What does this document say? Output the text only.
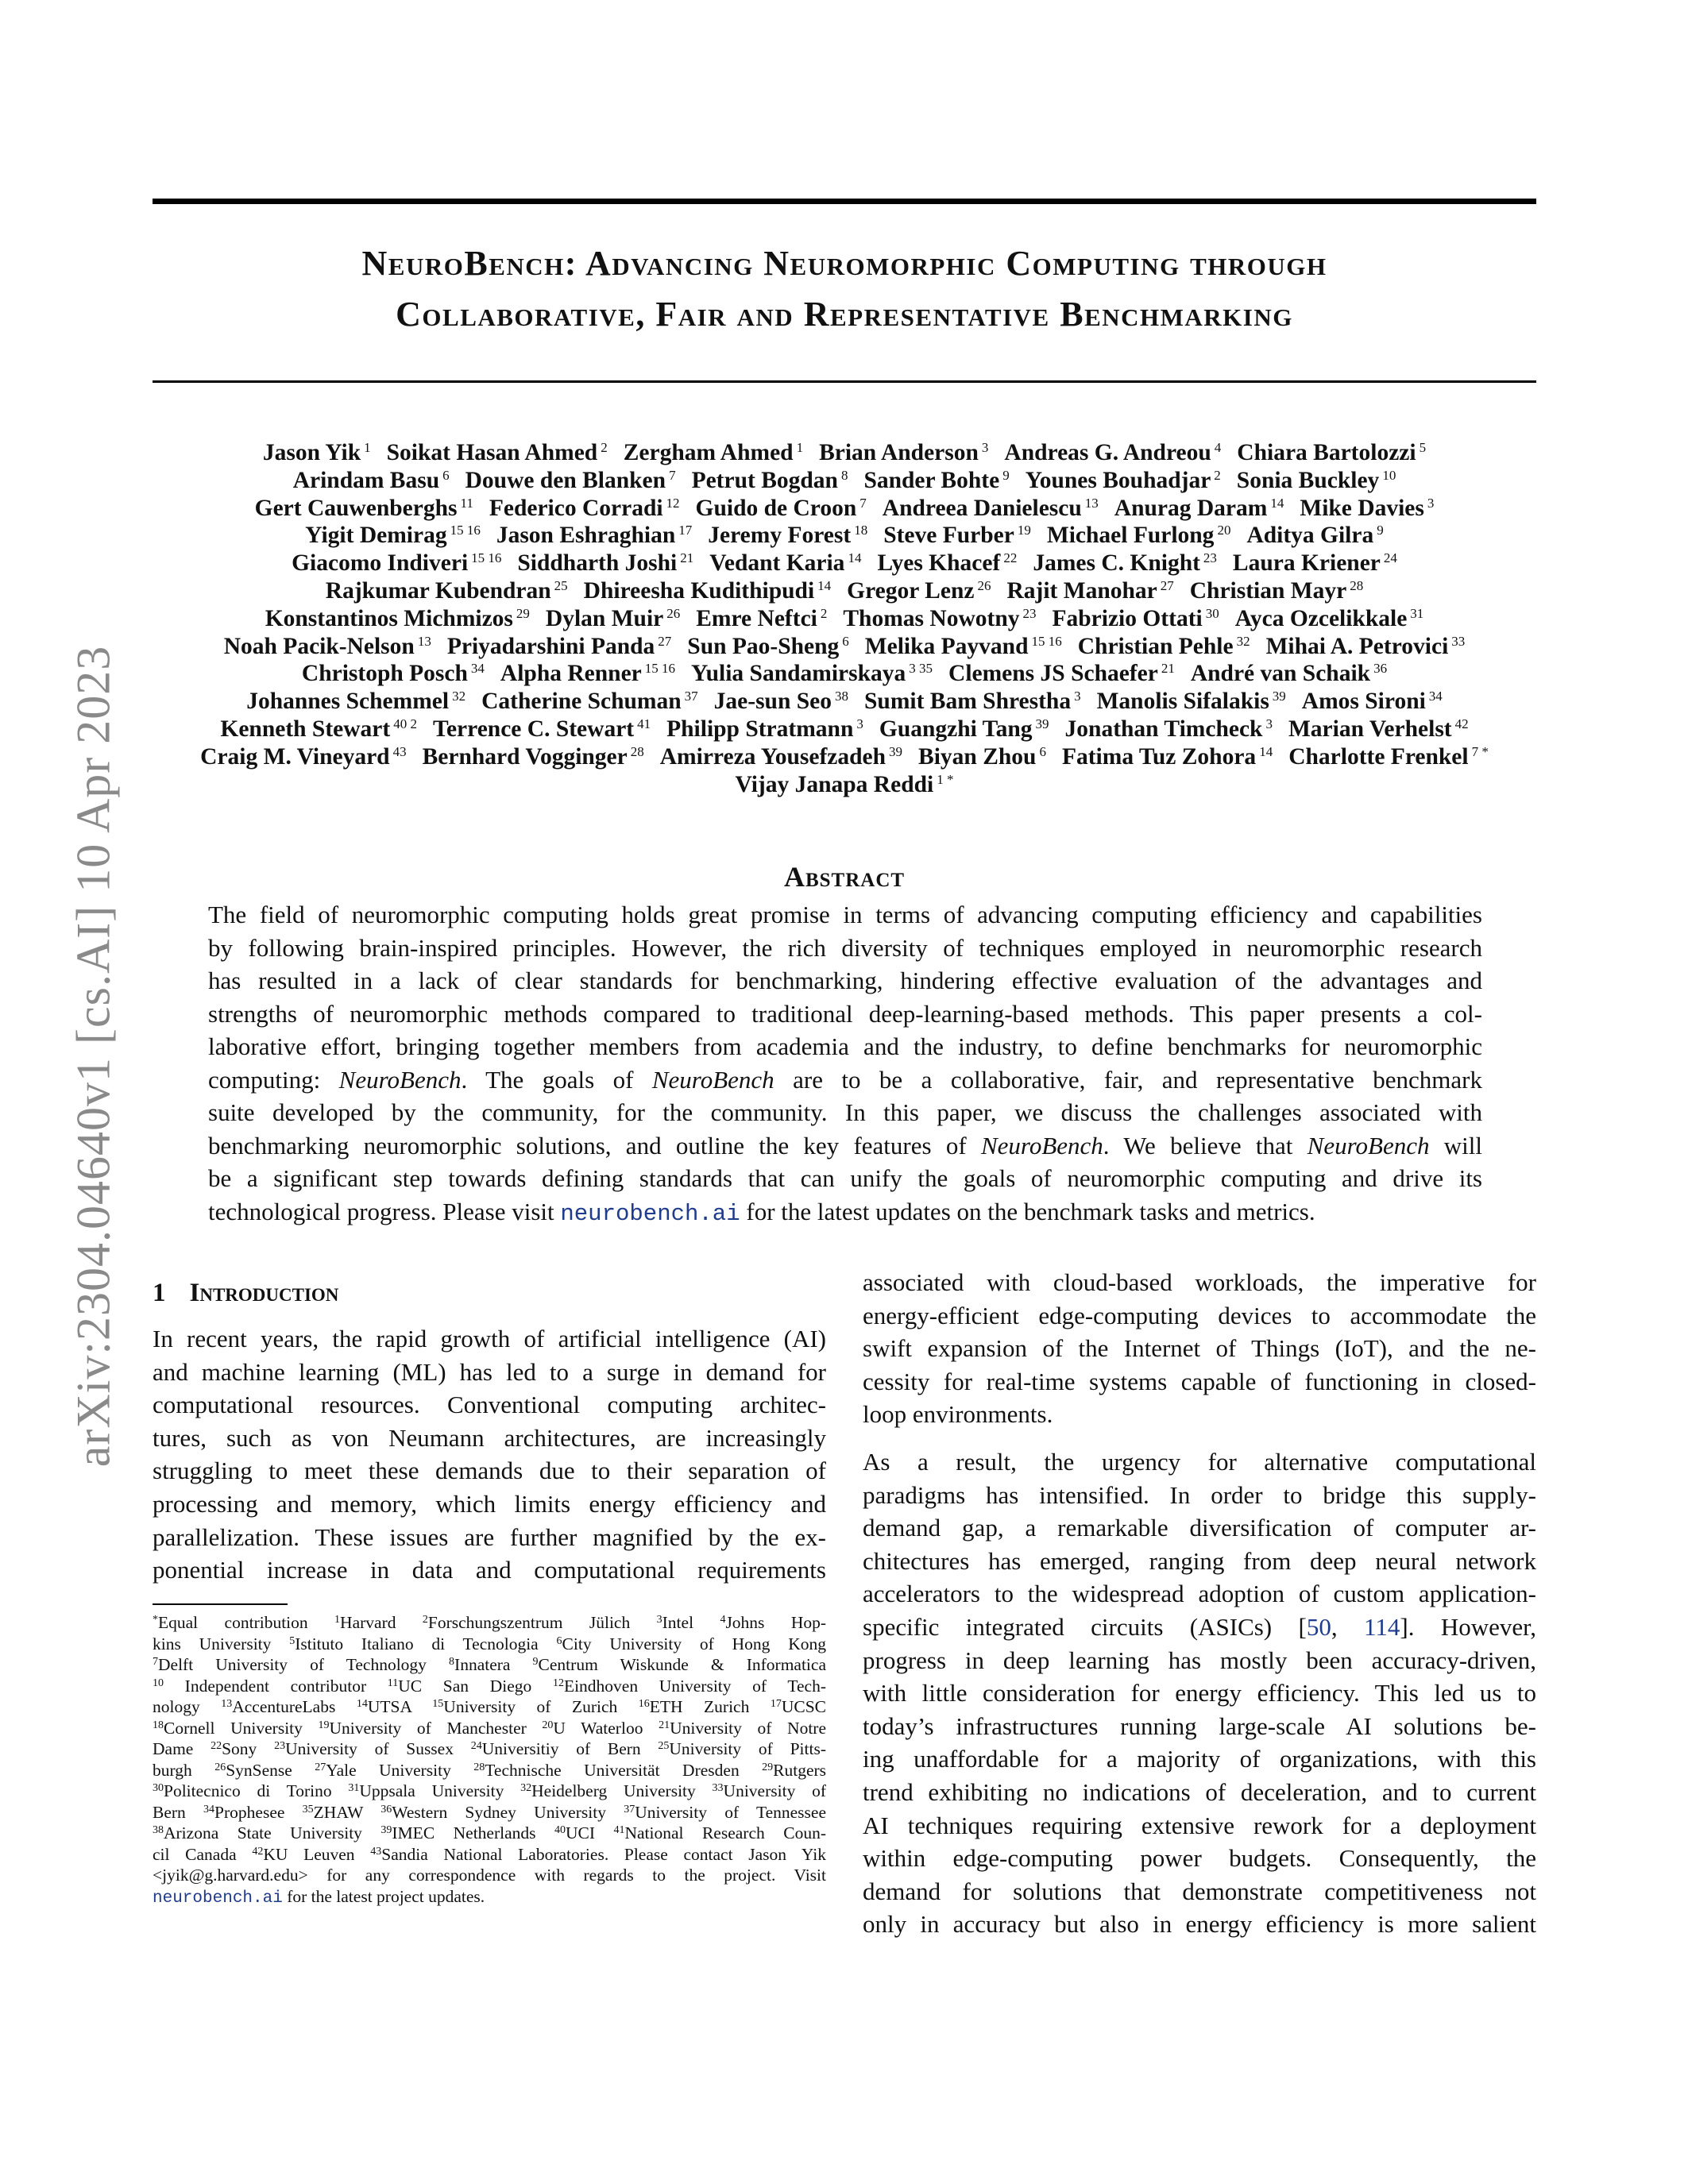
NeuroBench: Advancing Neuromorphic Computing through
Collaborative, Fair and Representative Benchmarking
arXiv:2304.04640v1 [cs.AI] 10 Apr 2023
Jason Yik $^1$ Soikat Hasan Ahmed $^2$ Zergham Ahmed $^1$ Brian Anderson $^3$ Andreas G. Andreou $^4$ Chiara Bartolozzi $^5$
Arindam Basu $^6$ Douwe den Blanken $^7$ Petrut Bogdan $^8$ Sander Bohte $^9$ Younes Bouhadjar $^2$ Sonia Buckley $^{10}$
Gert Cauwenberghs $^{11}$ Federico Corradi $^{12}$ Guido de Croon $^7$ Andreea Danielescu $^{13}$ Anurag Daram $^{14}$ Mike Davies $^3$
Yigit Demirag $^{15 16}$ Jason Eshraghian $^{17}$ Jeremy Forest $^{18}$ Steve Furber $^{19}$ Michael Furlong $^{20}$ Aditya Gilra $^9$
Giacomo Indiveri $^{15 16}$ Siddharth Joshi $^{21}$ Vedant Karia $^{14}$ Lyes Khacef $^{22}$ James C. Knight $^{23}$ Laura Kriener $^{24}$
Rajkumar Kubendran $^{25}$ Dhireesha Kudithipudi $^{14}$ Gregor Lenz $^{26}$ Rajit Manohar $^{27}$ Christian Mayr $^{28}$
Konstantinos Michmizos $^{29}$ Dylan Muir $^{26}$ Emre Neftci $^2$ Thomas Nowotny $^{23}$ Fabrizio Ottati $^{30}$ Ayca Ozcelikkale $^{31}$
Noah Pacik-Nelson $^{13}$ Priyadarshini Panda $^{27}$ Sun Pao-Sheng $^6$ Melika Payvand $^{15 16}$ Christian Pehle $^{32}$ Mihai A. Petrovici $^{33}$
Christoph Posch $^{34}$ Alpha Renner $^{15 16}$ Yulia Sandamirskaya $^{3 35}$ Clemens JS Schaefer $^{21}$ André van Schaik $^{36}$
Johannes Schemmel $^{32}$ Catherine Schuman $^{37}$ Jae-sun Seo $^{38}$ Sumit Bam Shrestha $^3$ Manolis Sifalakis $^{39}$ Amos Sironi $^{34}$
Kenneth Stewart $^{40 2}$ Terrence C. Stewart $^{41}$ Philipp Stratmann $^3$ Guangzhi Tang $^{39}$ Jonathan Timcheck $^3$ Marian Verhelst $^{42}$
Craig M. Vineyard $^{43}$ Bernhard Vogginger $^{28}$ Amirreza Yousefzadeh $^{39}$ Biyan Zhou $^6$ Fatima Tuz Zohora $^{14}$ Charlotte Frenkel $^{7 *}$
Vijay Janapa Reddi $^{1 *}$
Abstract
The field of neuromorphic computing holds great promise in terms of advancing computing efficiency and capabilities
by following brain-inspired principles. However, the rich diversity of techniques employed in neuromorphic research
has resulted in a lack of clear standards for benchmarking, hindering effective evaluation of the advantages and
strengths of neuromorphic methods compared to traditional deep-learning-based methods. This paper presents a col-
laborative effort, bringing together members from academia and the industry, to define benchmarks for neuromorphic
computing: NeuroBench. The goals of NeuroBench are to be a collaborative, fair, and representative benchmark
suite developed by the community, for the community. In this paper, we discuss the challenges associated with
benchmarking neuromorphic solutions, and outline the key features of NeuroBench. We believe that NeuroBench will
be a significant step towards defining standards that can unify the goals of neuromorphic computing and drive its
technological progress. Please visit neurobench.ai for the latest updates on the benchmark tasks and metrics.
1 Introduction
In recent years, the rapid growth of artificial intelligence (AI)
and machine learning (ML) has led to a surge in demand for
computational resources. Conventional computing architec-
tures, such as von Neumann architectures, are increasingly
struggling to meet these demands due to their separation of
processing and memory, which limits energy efficiency and
parallelization. These issues are further magnified by the ex-
ponential increase in data and computational requirements
*Equal contribution $^1$Harvard $^2$Forschungszentrum Jülich $^3$Intel $^4$Johns Hop-
kins University $^5$Istituto Italiano di Tecnologia $^6$City University of Hong Kong
$^7$Delft University of Technology $^8$Innatera $^9$Centrum Wiskunde & Informatica
$^{10}$ Independent contributor $^{11}$UC San Diego $^{12}$Eindhoven University of Tech-
nology $^{13}$AccentureLabs $^{14}$UTSA $^{15}$University of Zurich $^{16}$ETH Zurich $^{17}$UCSC
$^{18}$Cornell University $^{19}$University of Manchester $^{20}$U Waterloo $^{21}$University of Notre
Dame $^{22}$Sony $^{23}$University of Sussex $^{24}$Universitiy of Bern $^{25}$University of Pitts-
burgh $^{26}$SynSense $^{27}$Yale University $^{28}$Technische Universität Dresden $^{29}$Rutgers
$^{30}$Politecnico di Torino $^{31}$Uppsala University $^{32}$Heidelberg University $^{33}$University of
Bern $^{34}$Prophesee $^{35}$ZHAW $^{36}$Western Sydney University $^{37}$University of Tennessee
$^{38}$Arizona State University $^{39}$IMEC Netherlands $^{40}$UCI $^{41}$National Research Coun-
cil Canada $^{42}$KU Leuven $^{43}$Sandia National Laboratories. Please contact Jason Yik
<jyik@g.harvard.edu> for any correspondence with regards to the project. Visit
neurobench.ai for the latest project updates.
associated with cloud-based workloads, the imperative for
energy-efficient edge-computing devices to accommodate the
swift expansion of the Internet of Things (IoT), and the ne-
cessity for real-time systems capable of functioning in closed-
loop environments.
As a result, the urgency for alternative computational
paradigms has intensified. In order to bridge this supply-
demand gap, a remarkable diversification of computer ar-
chitectures has emerged, ranging from deep neural network
accelerators to the widespread adoption of custom application-
specific integrated circuits (ASICs) [50, 114]. However,
progress in deep learning has mostly been accuracy-driven,
with little consideration for energy efficiency. This led us to
today’s infrastructures running large-scale AI solutions be-
ing unaffordable for a majority of organizations, with this
trend exhibiting no indications of deceleration, and to current
AI techniques requiring extensive rework for a deployment
within edge-computing power budgets. Consequently, the
demand for solutions that demonstrate competitiveness not
only in accuracy but also in energy efficiency is more salient
